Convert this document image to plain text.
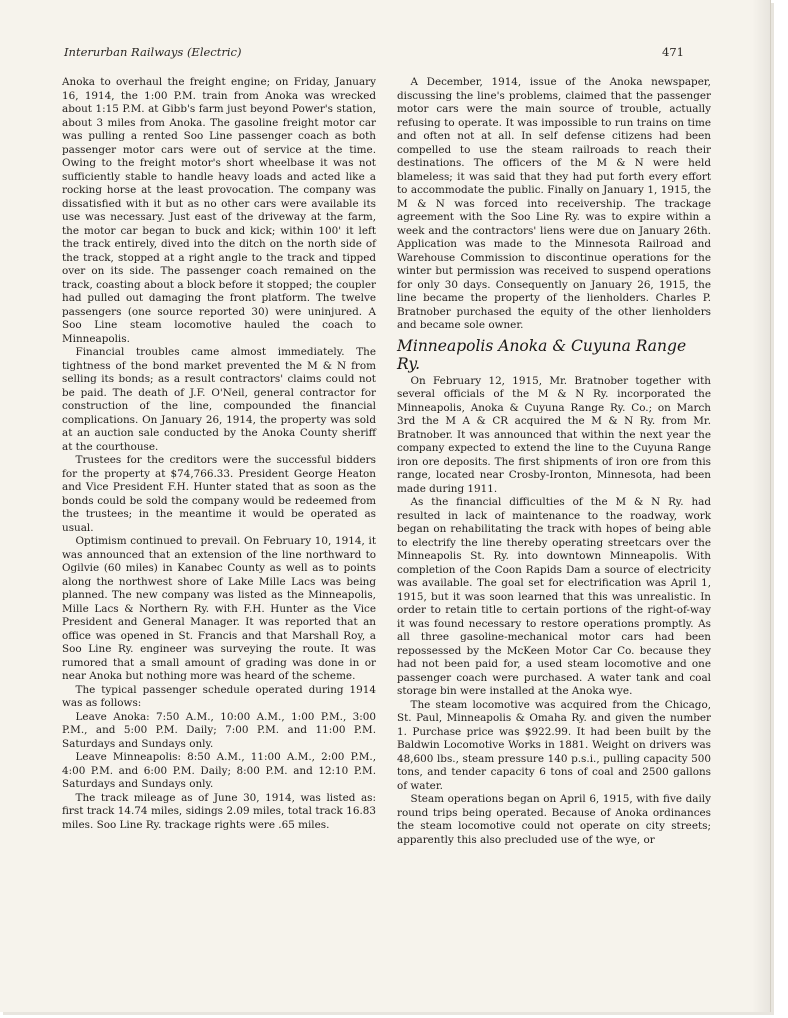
Interurban Railways (Electric)	471

Anoka to overhaul the freight engine; on Friday, January 16, 1914, the 1:00 P.M. train from Anoka was wrecked about 1:15 P.M. at Gibb's farm just beyond Power's station, about 3 miles from Anoka. The gasoline freight motor car was pulling a rented Soo Line passenger coach as both passenger motor cars were out of service at the time. Owing to the freight motor's short wheelbase it was not sufficiently stable to handle heavy loads and acted like a rocking horse at the least provocation. The company was dissatisfied with it but as no other cars were available its use was necessary. Just east of the driveway at the farm, the motor car began to buck and kick; within 100' it left the track entirely, dived into the ditch on the north side of the track, stopped at a right angle to the track and tipped over on its side. The passenger coach remained on the track, coasting about a block before it stopped; the coupler had pulled out damaging the front platform. The twelve passengers (one source reported 30) were uninjured. A Soo Line steam locomotive hauled the coach to Minneapolis.

Financial troubles came almost immediately. The tightness of the bond market prevented the M & N from selling its bonds; as a result contractors' claims could not be paid. The death of J.F. O'Neil, general contractor for construction of the line, compounded the financial complications. On January 26, 1914, the property was sold at an auction sale conducted by the Anoka County sheriff at the courthouse.

Trustees for the creditors were the successful bidders for the property at $74,766.33. President George Heaton and Vice President F.H. Hunter stated that as soon as the bonds could be sold the company would be redeemed from the trustees; in the meantime it would be operated as usual.

Optimism continued to prevail. On February 10, 1914, it was announced that an extension of the line northward to Ogilvie (60 miles) in Kanabec County as well as to points along the northwest shore of Lake Mille Lacs was being planned. The new company was listed as the Minneapolis, Mille Lacs & Northern Ry. with F.H. Hunter as the Vice President and General Manager. It was reported that an office was opened in St. Francis and that Marshall Roy, a Soo Line Ry. engineer was surveying the route. It was rumored that a small amount of grading was done in or near Anoka but nothing more was heard of the scheme.

The typical passenger schedule operated during 1914 was as follows:

Leave Anoka: 7:50 A.M., 10:00 A.M., 1:00 P.M., 3:00 P.M., and 5:00 P.M. Daily; 7:00 P.M. and 11:00 P.M. Saturdays and Sundays only.

Leave Minneapolis: 8:50 A.M., 11:00 A.M., 2:00 P.M., 4:00 P.M. and 6:00 P.M. Daily; 8:00 P.M. and 12:10 P.M. Saturdays and Sundays only.

The track mileage as of June 30, 1914, was listed as: first track 14.74 miles, sidings 2.09 miles, total track 16.83 miles. Soo Line Ry. trackage rights were .65 miles.

A December, 1914, issue of the Anoka newspaper, discussing the line's problems, claimed that the passenger motor cars were the main source of trouble, actually refusing to operate. It was impossible to run trains on time and often not at all. In self defense citizens had been compelled to use the steam railroads to reach their destinations. The officers of the M & N were held blameless; it was said that they had put forth every effort to accommodate the public. Finally on January 1, 1915, the M & N was forced into receivership. The trackage agreement with the Soo Line Ry. was to expire within a week and the contractors' liens were due on January 26th. Application was made to the Minnesota Railroad and Warehouse Commission to discontinue operations for the winter but permission was received to suspend operations for only 30 days. Consequently on January 26, 1915, the line became the property of the lienholders. Charles P. Bratnober purchased the equity of the other lienholders and became sole owner.

Minneapolis Anoka & Cuyuna Range Ry.

On February 12, 1915, Mr. Bratnober together with several officials of the M & N Ry. incorporated the Minneapolis, Anoka & Cuyuna Range Ry. Co.; on March 3rd the M A & CR acquired the M & N Ry. from Mr. Bratnober. It was announced that within the next year the company expected to extend the line to the Cuyuna Range iron ore deposits. The first shipments of iron ore from this range, located near Crosby-Ironton, Minnesota, had been made during 1911.

As the financial difficulties of the M & N Ry. had resulted in lack of maintenance to the roadway, work began on rehabilitating the track with hopes of being able to electrify the line thereby operating streetcars over the Minneapolis St. Ry. into downtown Minneapolis. With completion of the Coon Rapids Dam a source of electricity was available. The goal set for electrification was April 1, 1915, but it was soon learned that this was unrealistic. In order to retain title to certain portions of the right-of-way it was found necessary to restore operations promptly. As all three gasoline-mechanical motor cars had been repossessed by the McKeen Motor Car Co. because they had not been paid for, a used steam locomotive and one passenger coach were purchased. A water tank and coal storage bin were installed at the Anoka wye.

The steam locomotive was acquired from the Chicago, St. Paul, Minneapolis & Omaha Ry. and given the number 1. Purchase price was $922.99. It had been built by the Baldwin Locomotive Works in 1881. Weight on drivers was 48,600 lbs., steam pressure 140 p.s.i., pulling capacity 500 tons, and tender capacity 6 tons of coal and 2500 gallons of water.

Steam operations began on April 6, 1915, with five daily round trips being operated. Because of Anoka ordinances the steam locomotive could not operate on city streets; apparently this also precluded use of the wye, or
